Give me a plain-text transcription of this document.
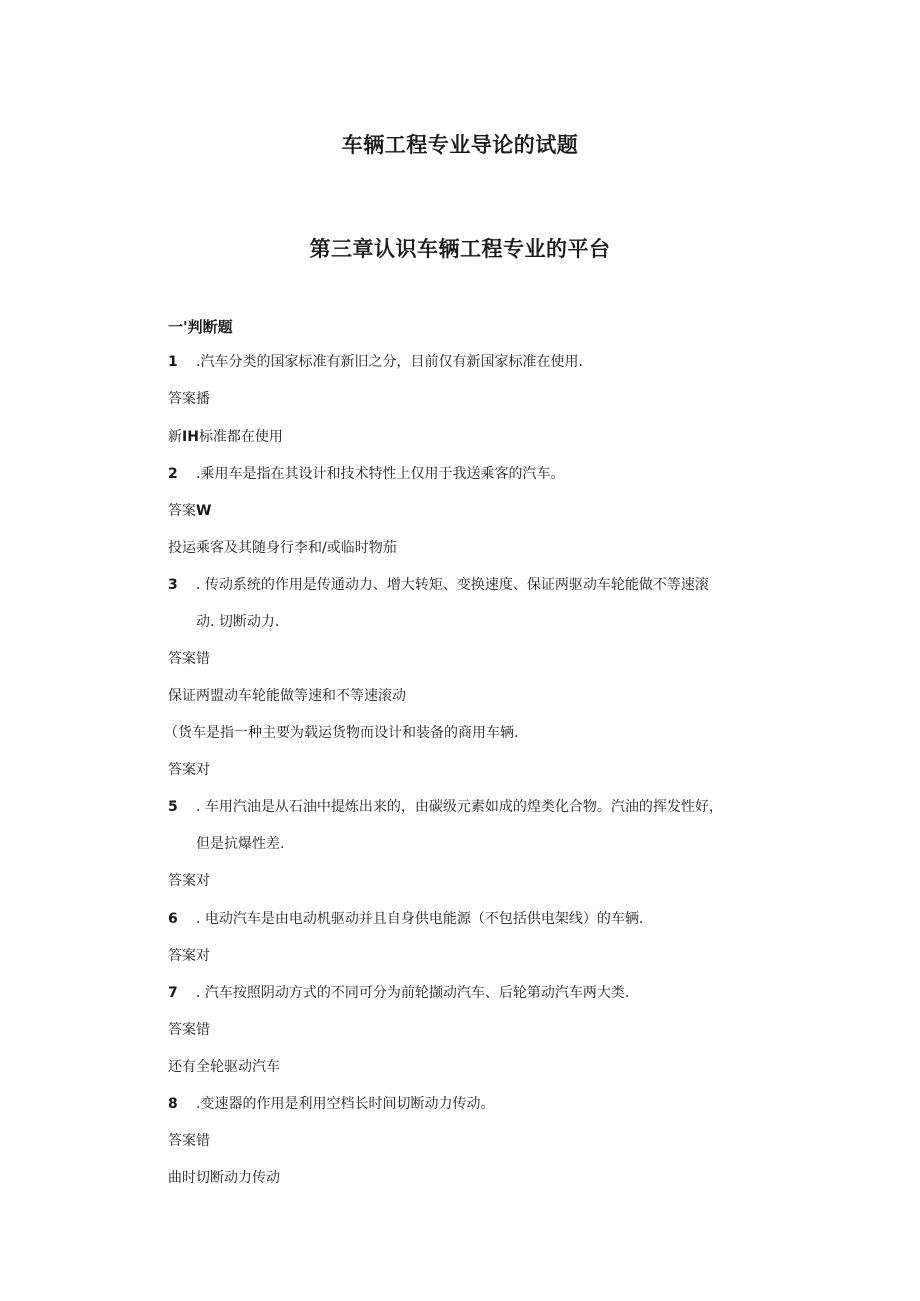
车辆工程专业导论的试题
第三章认识车辆工程专业的平台
一'判断题
1 .汽车分类的国家标准有新旧之分，目前仅有新国家标准在使用.
答案播
新IH标准都在使用
2 .乘用车是指在其设计和技术特性上仅用于我送乘客的汽车。
答案W
投运乘客及其随身行李和/或临时物茄
3 . 传动系统的作用是传通动力、增大转矩、变换速度、保证两驱动车轮能做不等速滚
动. 切断动力.
答案错
保证两盟动车轮能做等速和不等速滚动
（货车是指一种主要为载运货物而设计和装备的商用车辆.
答案对
5 . 车用汽油是从石油中提炼出来的，由碳级元素如成的煌类化合物。汽油的挥发性好，
但是抗爆性差.
答案对
6 . 电动汽车是由电动机驱动并且自身供电能源（不包括供电架线）的车辆.
答案对
7 . 汽车按照阴动方式的不同可分为前轮撷动汽车、后轮第动汽车两大类.
答案错
还有全轮驱动汽车
8 .变速器的作用是利用空档长时间切断动力传动。
答案错
曲时切断动力传动
